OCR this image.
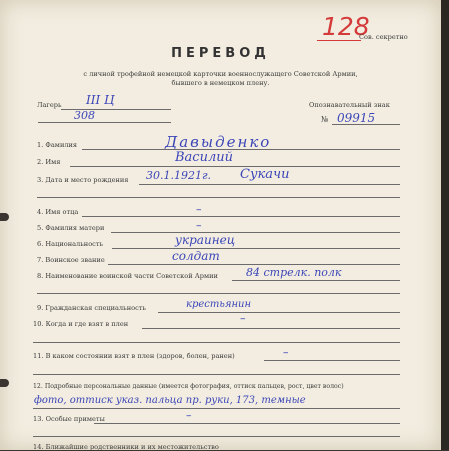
128
Сов. секретно
ПЕРЕВОД
с личной трофейной немецкой карточки военнослужащего Советской Армии,
бывшего в немецком плену.
Лагерь III Ц
308
Опознавательный знак
№ 09915
1. Фамилия	Давыденко
2. Имя	Василий
3. Дата и место рождения 30.1.1921г. Сукачи
4. Имя отца	–
5. Фамилия матери	–
6. Национальность	украинец
7. Воинское звание	солдат
8. Наименование воинской части Советской Армии	84 стрелк. полк
9. Гражданская специальность	крестьянин
10. Когда и где взят в плен	–
11. В каком состоянии взят в плен (здоров, болен, ранен)	–
12. Подробные персональные данные (имеется фотография, оттиск пальцев, рост, цвет волос)
фото, оттиск указ. пальца пр. руки, 173, темные
13. Особые приметы	–
14. Ближайшие родственники и их местожительство
